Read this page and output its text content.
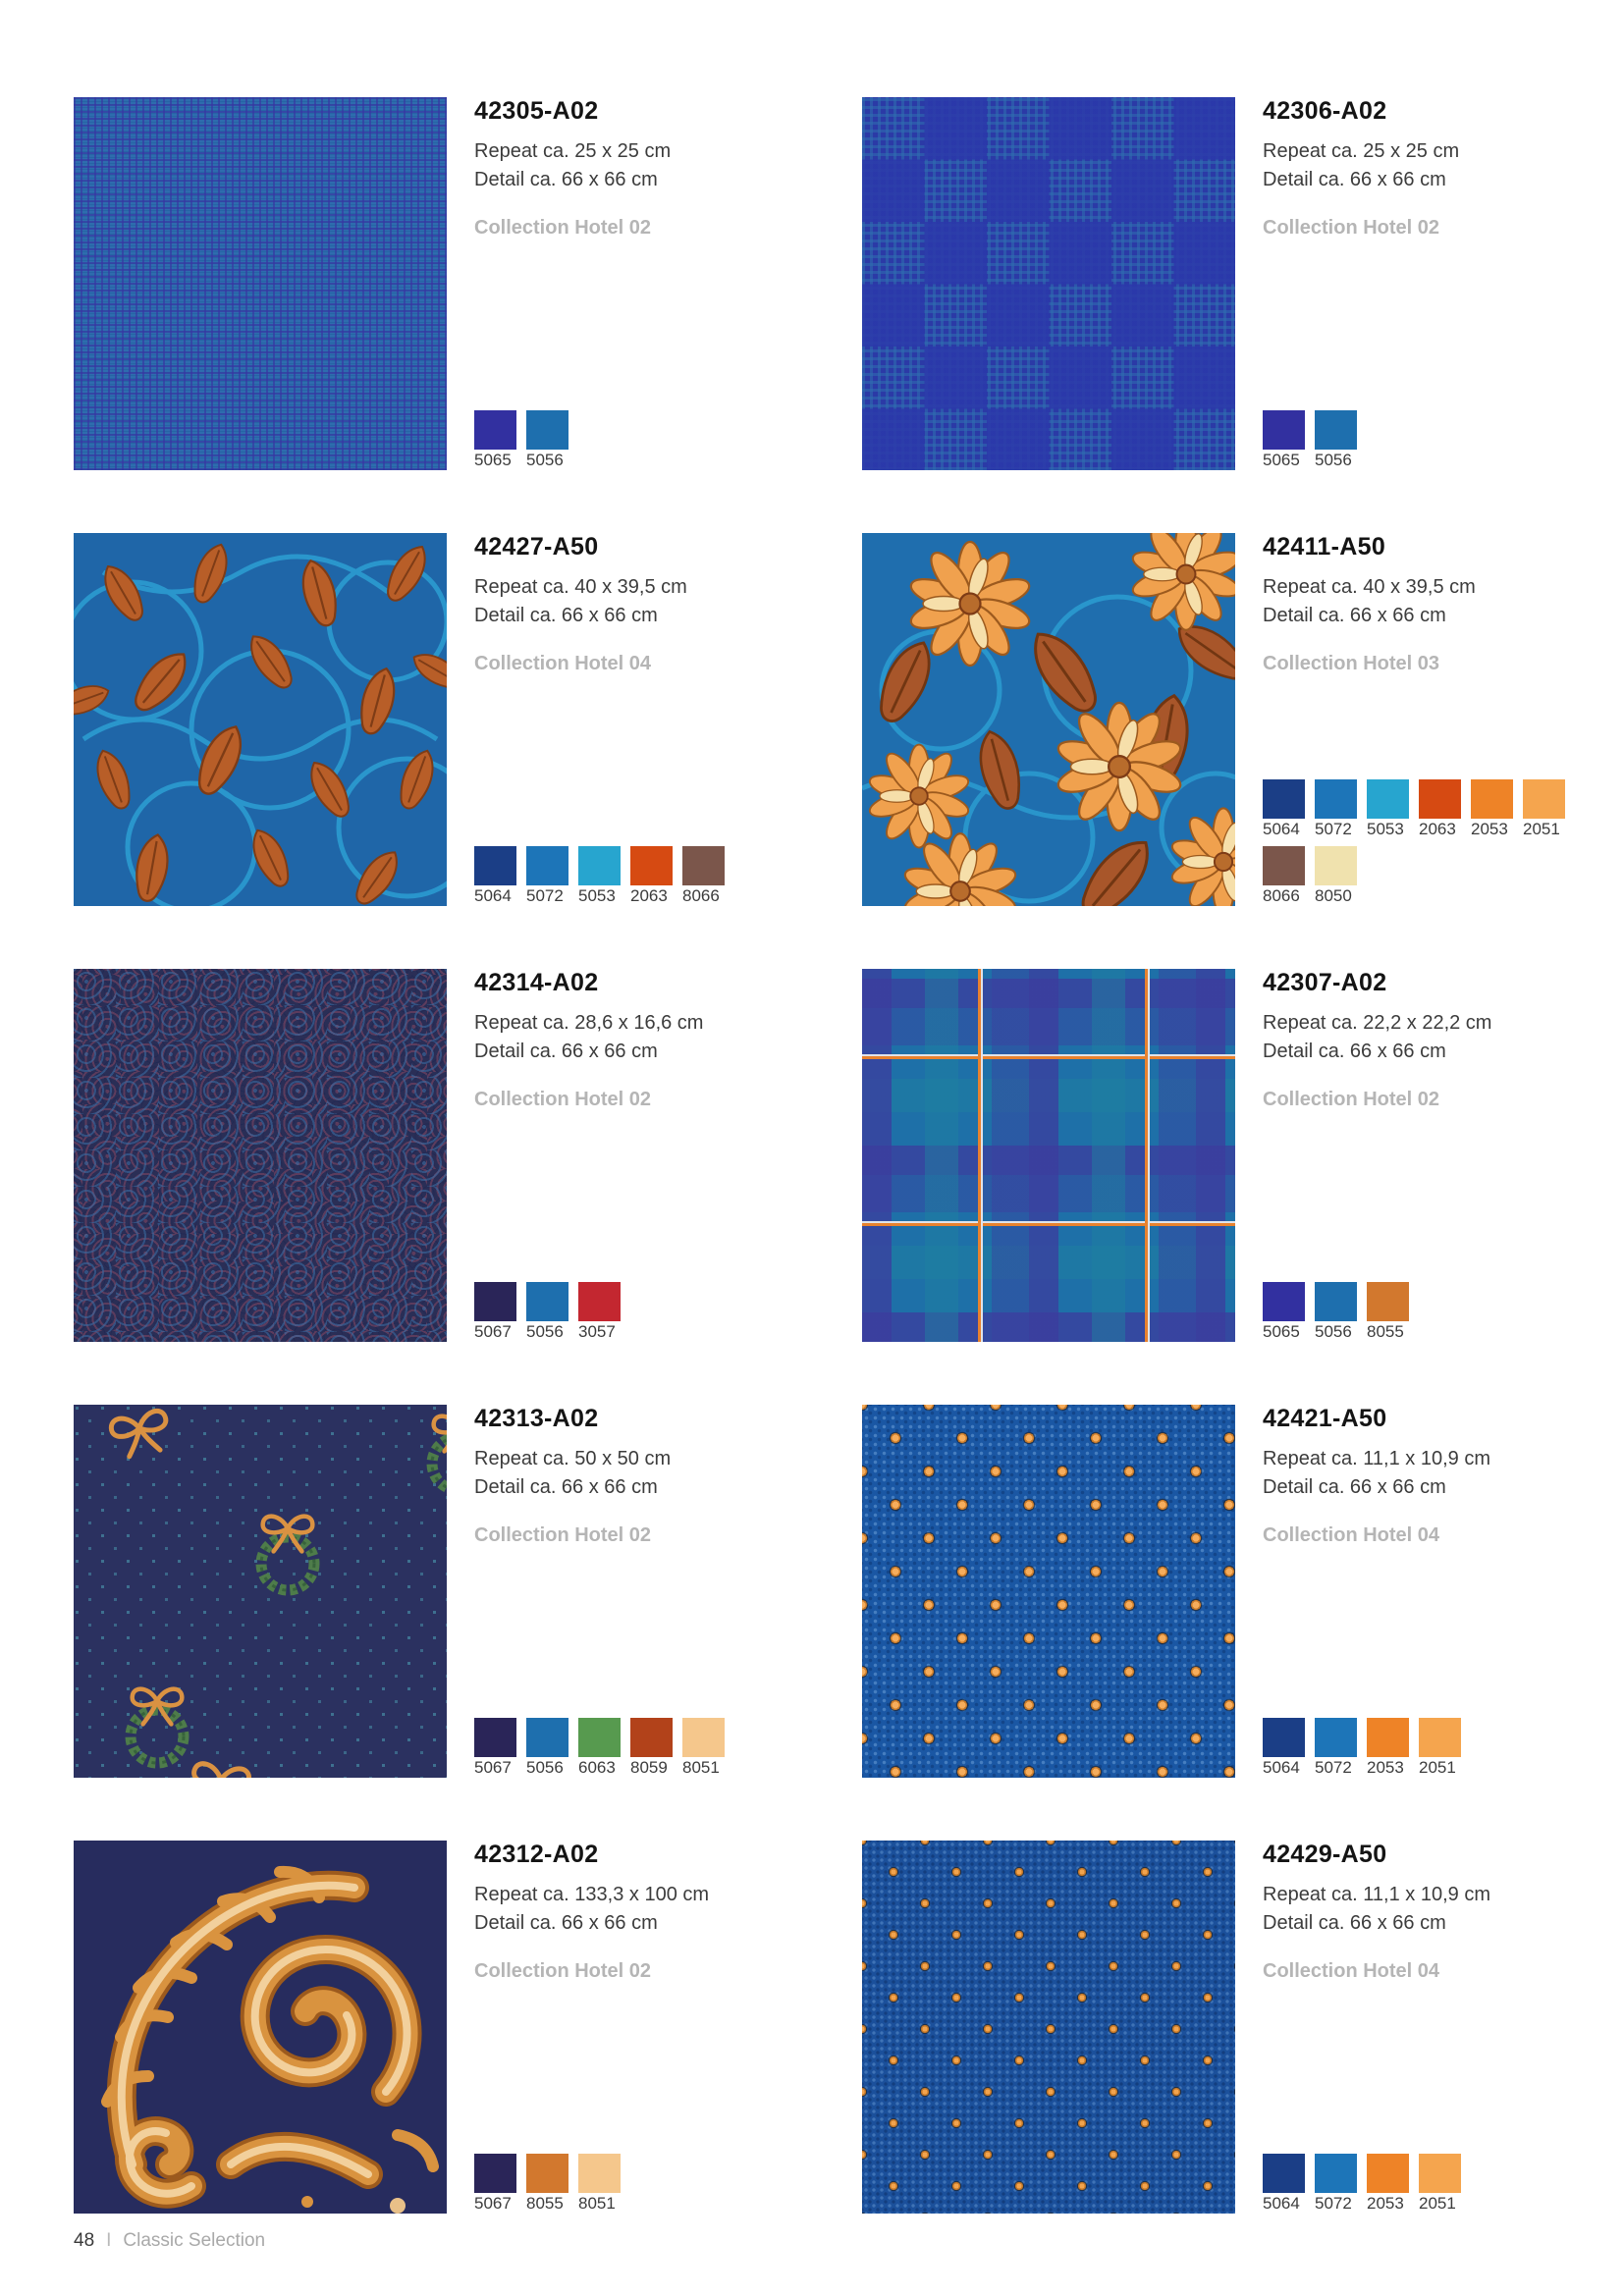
42305-A02

Repeat ca. 25 x 25 cm

Detail ca. 66 x 66 cm

Collection Hotel 02

5065 5056
42306-A02

Repeat ca. 25 x 25 cm

Detail ca. 66 x 66 cm

Collection Hotel 02

5065 5056
42427-A50

Repeat ca. 40 x 39,5 cm

Detail ca. 66 x 66 cm

Collection Hotel 04

5064 5072 5053 2063 8066
42411-A50

Repeat ca. 40 x 39,5 cm

Detail ca. 66 x 66 cm

Collection Hotel 03

5064 5072 5053 2063 2053 2051
8066 8050
42314-A02

Repeat ca. 28,6 x 16,6 cm

Detail ca. 66 x 66 cm

Collection Hotel 02

5067 5056 3057
42307-A02

Repeat ca. 22,2 x 22,2 cm

Detail ca. 66 x 66 cm

Collection Hotel 02

5065 5056 8055
42313-A02

Repeat ca. 50 x 50 cm

Detail ca. 66 x 66 cm

Collection Hotel 02

5067 5056 6063 8059 8051
42421-A50

Repeat ca. 11,1 x 10,9 cm

Detail ca. 66 x 66 cm

Collection Hotel 04

5064 5072 2053 2051
42312-A02

Repeat ca. 133,3 x 100 cm

Detail ca. 66 x 66 cm

Collection Hotel 02

5067 8055 8051
42429-A50

Repeat ca. 11,1 x 10,9 cm

Detail ca. 66 x 66 cm

Collection Hotel 04

5064 5072 2053 2051
48 I Classic Selection
